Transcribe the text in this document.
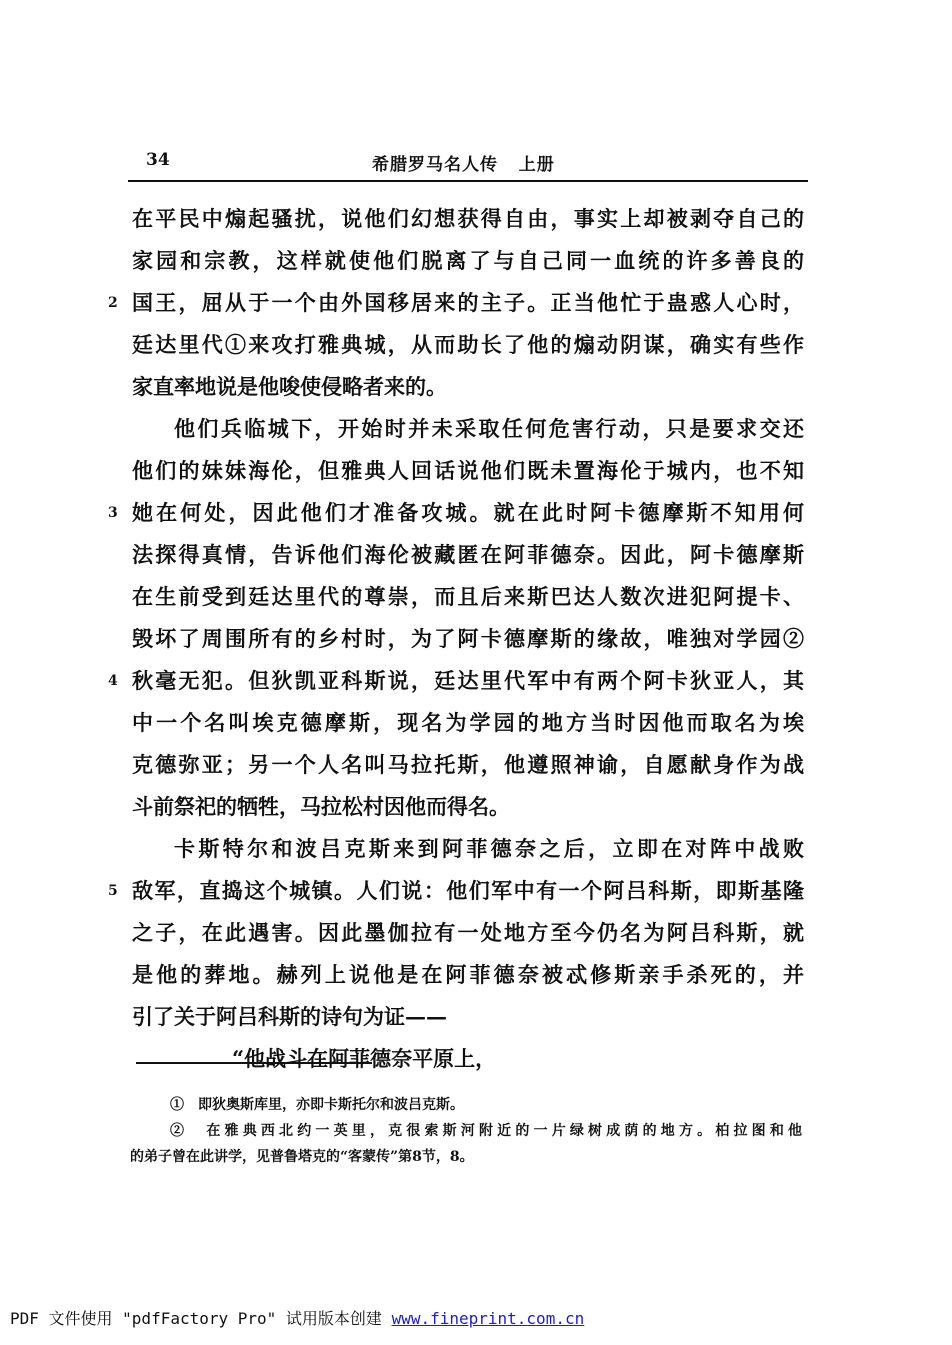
34	希腊罗马名人传   上册
在平民中煽起骚扰，说他们幻想获得自由，事实上却被剥夺自己的
家园和宗教，这样就使他们脱离了与自己同一血统的许多善良的
2 国王，屈从于一个由外国移居来的主子。正当他忙于蛊惑人心时，
廷达里代①来攻打雅典城，从而助长了他的煽动阴谋，确实有些作
家直率地说是他唆使侵略者来的。
他们兵临城下，开始时并未采取任何危害行动，只是要求交还
他们的妹妹海伦，但雅典人回话说他们既未置海伦于城内，也不知
3 她在何处，因此他们才准备攻城。就在此时阿卡德摩斯不知用何
法探得真情，告诉他们海伦被藏匿在阿菲德奈。因此，阿卡德摩斯
在生前受到廷达里代的尊崇，而且后来斯巴达人数次进犯阿提卡、
毁坏了周围所有的乡村时，为了阿卡德摩斯的缘故，唯独对学园②
4 秋毫无犯。但狄凯亚科斯说，廷达里代军中有两个阿卡狄亚人，其
中一个名叫埃克德摩斯，现名为学园的地方当时因他而取名为埃
克德弥亚；另一个人名叫马拉托斯，他遵照神谕，自愿献身作为战
斗前祭祀的牺牲，马拉松村因他而得名。
卡斯特尔和波吕克斯来到阿菲德奈之后，立即在对阵中战败
5 敌军，直捣这个城镇。人们说：他们军中有一个阿吕科斯，即斯基隆
之子，在此遇害。因此墨伽拉有一处地方至今仍名为阿吕科斯，就
是他的葬地。赫列上说他是在阿菲德奈被忒修斯亲手杀死的，并
引了关于阿吕科斯的诗句为证——
“他战斗在阿菲德奈平原上，
①　即狄奥斯库里，亦即卡斯托尔和波吕克斯。
②　在雅典西北约一英里，克很索斯河附近的一片绿树成荫的地方。柏拉图和他
的弟子曾在此讲学，见普鲁塔克的“客蒙传”第8节，8。
PDF 文件使用 "pdfFactory Pro" 试用版本创建 www.fineprint.com.cn
